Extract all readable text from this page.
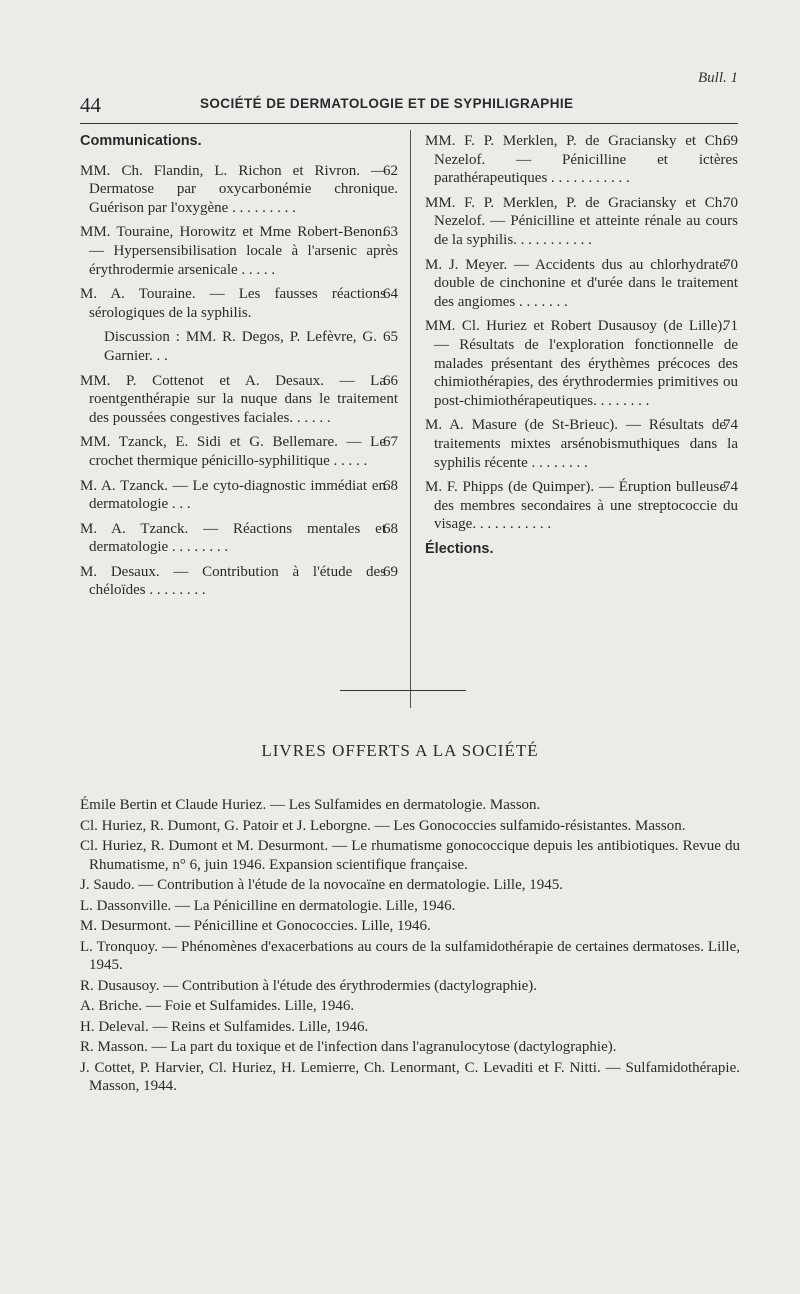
Bull. 1
44	SOCIÉTÉ DE DERMATOLOGIE ET DE SYPHILIGRAPHIE
Communications.

62
MM. Ch. Flandin, L. Richon et Rivron. — Dermatose par oxycarbonémie chronique. Guérison par l'oxygène . . . . . . . . .

63
MM. Touraine, Horowitz et Mme Robert-Benon. — Hypersensibilisation locale à l'arsenic après érythrodermie arsenicale . . . . .

64
M. A. Touraine. — Les fausses réactions sérologiques de la syphilis.

65
Discussion : MM. R. Degos, P. Lefèvre, G. Garnier. . .

66
MM. P. Cottenot et A. Desaux. — La roentgenthérapie sur la nuque dans le traitement des poussées congestives faciales. . . . . .

67
MM. Tzanck, E. Sidi et G. Bellemare. — Le crochet thermique pénicillo-syphilitique . . . . .

68
M. A. Tzanck. — Le cyto-diagnostic immédiat en dermatologie . . .

68
M. A. Tzanck. — Réactions mentales et dermatologie . . . . . . . .

69
M. Desaux. — Contribution à l'étude des chéloïdes . . . . . . . .

69
MM. F. P. Merklen, P. de Graciansky et Ch. Nezelof. — Pénicilline et ictères parathérapeutiques . . . . . . . . . . .

70
MM. F. P. Merklen, P. de Graciansky et Ch. Nezelof. — Pénicilline et atteinte rénale au cours de la syphilis. . . . . . . . . . .

70
M. J. Meyer. — Accidents dus au chlorhydrate double de cinchonine et d'urée dans le traitement des angiomes . . . . . . .

71
MM. Cl. Huriez et Robert Dusausoy (de Lille). — Résultats de l'exploration fonctionnelle de malades présentant des érythèmes précoces des chimiothérapies, des érythrodermies primitives ou post-chimiothérapeutiques. . . . . . . .

74
M. A. Masure (de St-Brieuc). — Résultats de traitements mixtes arsénobismuthiques dans la syphilis récente . . . . . . . .

74
M. F. Phipps (de Quimper). — Éruption bulleuse des membres secondaires à une streptococcie du visage. . . . . . . . . . .

Élections.
LIVRES OFFERTS A LA SOCIÉTÉ

Émile Bertin et Claude Huriez. — Les Sulfamides en dermatologie. Masson.

Cl. Huriez, R. Dumont, G. Patoir et J. Leborgne. — Les Gonococcies sulfamido-résistantes. Masson.

Cl. Huriez, R. Dumont et M. Desurmont. — Le rhumatisme gonococcique depuis les antibiotiques. Revue du Rhumatisme, n° 6, juin 1946. Expansion scientifique française.

J. Saudo. — Contribution à l'étude de la novocaïne en dermatologie. Lille, 1945.

L. Dassonville. — La Pénicilline en dermatologie. Lille, 1946.

M. Desurmont. — Pénicilline et Gonococcies. Lille, 1946.

L. Tronquoy. — Phénomènes d'exacerbations au cours de la sulfamidothérapie de certaines dermatoses. Lille, 1945.

R. Dusausoy. — Contribution à l'étude des érythrodermies (dactylographie).

A. Briche. — Foie et Sulfamides. Lille, 1946.

H. Deleval. — Reins et Sulfamides. Lille, 1946.

R. Masson. — La part du toxique et de l'infection dans l'agranulocytose (dactylographie).

J. Cottet, P. Harvier, Cl. Huriez, H. Lemierre, Ch. Lenormant, C. Levaditi et F. Nitti. — Sulfamidothérapie. Masson, 1944.
